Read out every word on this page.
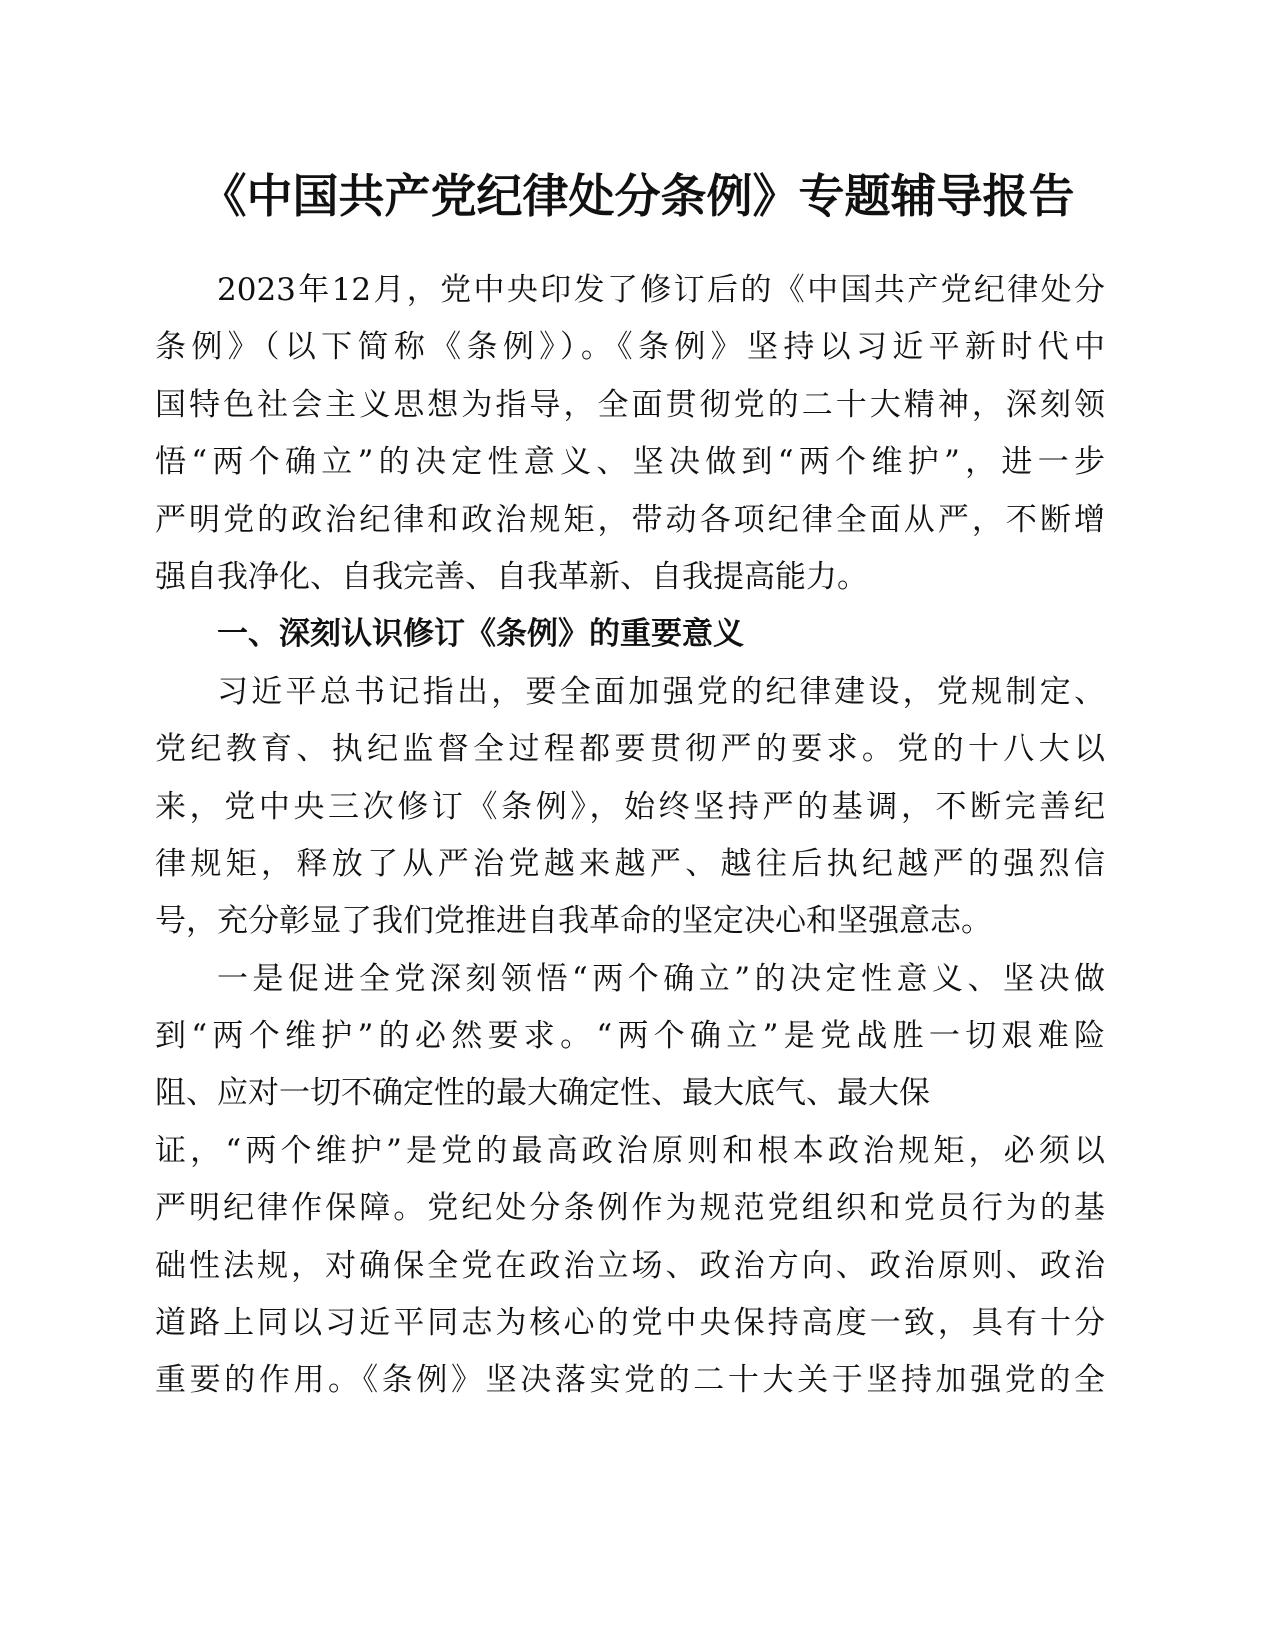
《中国共产党纪律处分条例》专题辅导报告
2023年12月，党中央印发了修订后的《中国共产党纪律处分
条例》（以下简称《条例》）。《条例》坚持以习近平新时代中
国特色社会主义思想为指导，全面贯彻党的二十大精神，深刻领
悟“两个确立”的决定性意义、坚决做到“两个维护”，进一步
严明党的政治纪律和政治规矩，带动各项纪律全面从严，不断增
强自我净化、自我完善、自我革新、自我提高能力。
一、深刻认识修订《条例》的重要意义
习近平总书记指出，要全面加强党的纪律建设，党规制定、
党纪教育、执纪监督全过程都要贯彻严的要求。党的十八大以
来，党中央三次修订《条例》，始终坚持严的基调，不断完善纪
律规矩，释放了从严治党越来越严、越往后执纪越严的强烈信
号，充分彰显了我们党推进自我革命的坚定决心和坚强意志。
一是促进全党深刻领悟“两个确立”的决定性意义、坚决做
到“两个维护”的必然要求。“两个确立”是党战胜一切艰难险
阻、应对一切不确定性的最大确定性、最大底气、最大保
证，“两个维护”是党的最高政治原则和根本政治规矩，必须以
严明纪律作保障。党纪处分条例作为规范党组织和党员行为的基
础性法规，对确保全党在政治立场、政治方向、政治原则、政治
道路上同以习近平同志为核心的党中央保持高度一致，具有十分
重要的作用。《条例》坚决落实党的二十大关于坚持加强党的全
